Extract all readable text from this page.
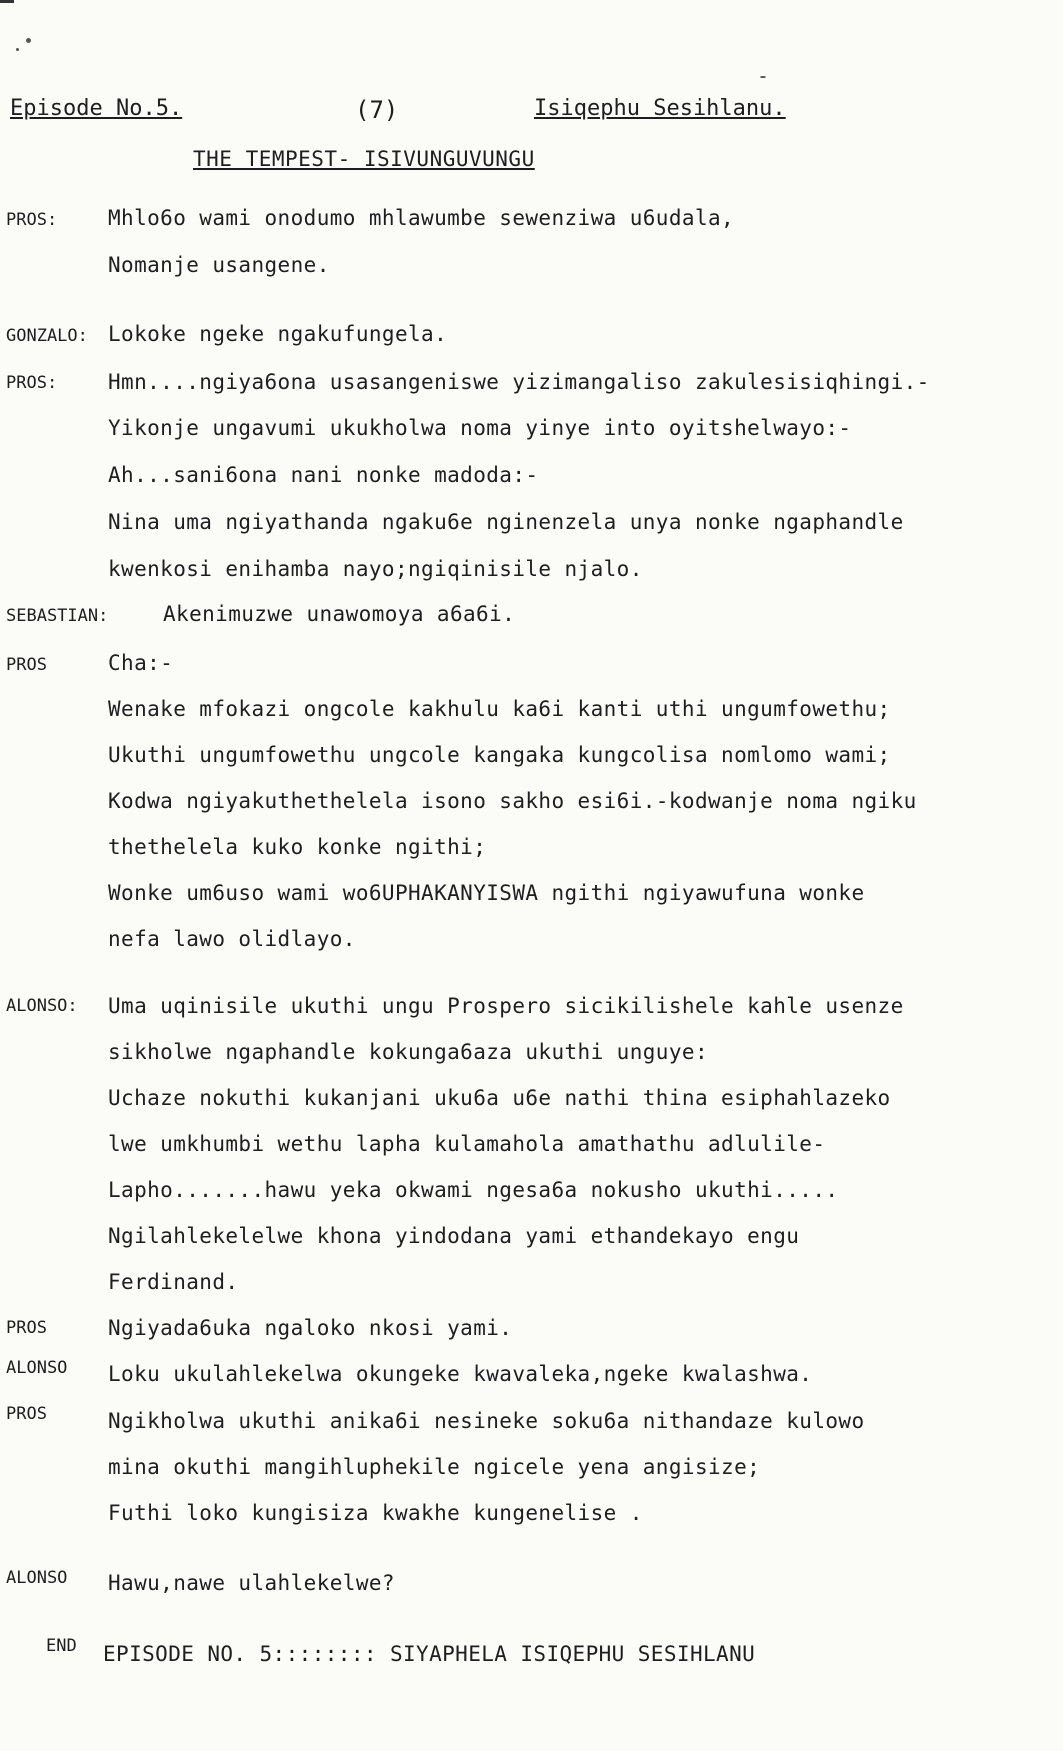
Episode No.5.	(7)	Isiqephu Sesihlanu.
THE TEMPEST- ISIVUNGUVUNGU
PROS: Mhlo6o wami onodumo mhlawumbe sewenziwa u6udala,
Nomanje usangene.
GONZALO: Lokoke ngeke ngakufungela.
PROS: Hmn....ngiya6ona usasangeniswe yizimangaliso zakulesisiqhingi.-
Yikonje ungavumi ukukholwa noma yinye into oyitshelwayo:-
Ah...sani6ona nani nonke madoda:-
Nina uma ngiyathanda ngaku6e nginenzela unya nonke ngaphandle
kwenkosi enihamba nayo;ngiqinisile njalo.
SEBASTIAN:	Akenimuzwe unawomoya a6a6i.
PROS	Cha:-
Wenake mfokazi ongcole kakhulu ka6i kanti uthi ungumfowethu;
Ukuthi ungumfowethu ungcole kangaka kungcolisa nomlomo wami;
Kodwa ngiyakuthethelela isono sakho esi6i.-kodwanje noma ngiku
thethelela kuko konke ngithi;
Wonke um6uso wami wo6UPHAKANYISWA ngithi ngiyawufuna wonke
nefa lawo olidlayo.
ALONSO: Uma uqinisile ukuthi ungu Prospero sicikilishele kahle usenze
sikholwe ngaphandle kokunga6aza ukuthi unguye:
Uchaze nokuthi kukanjani uku6a u6e nathi thina esiphahlazeko
lwe umkhumbi wethu lapha kulamahola amathathu adlulile-
Lapho.......hawu yeka okwami ngesa6a nokusho ukuthi.....
Ngilahlekelelwe khona yindodana yami ethandekayo engu
Ferdinand.
PROS	Ngiyada6uka ngaloko nkosi yami.
ALONSO Loku ukulahlekelwa okungeke kwavaleka,ngeke kwalashwa.
PROS	Ngikholwa ukuthi anika6i nesineke soku6a nithandaze kulowo
mina okuthi mangihluphekile ngicele yena angisize;
Futhi loko kungisiza kwakhe kungenelise .
ALONSO Hawu,nawe ulahlekelwe?
END EPISODE NO. 5:::::::: SIYAPHELA ISIQEPHU SESIHLANU
